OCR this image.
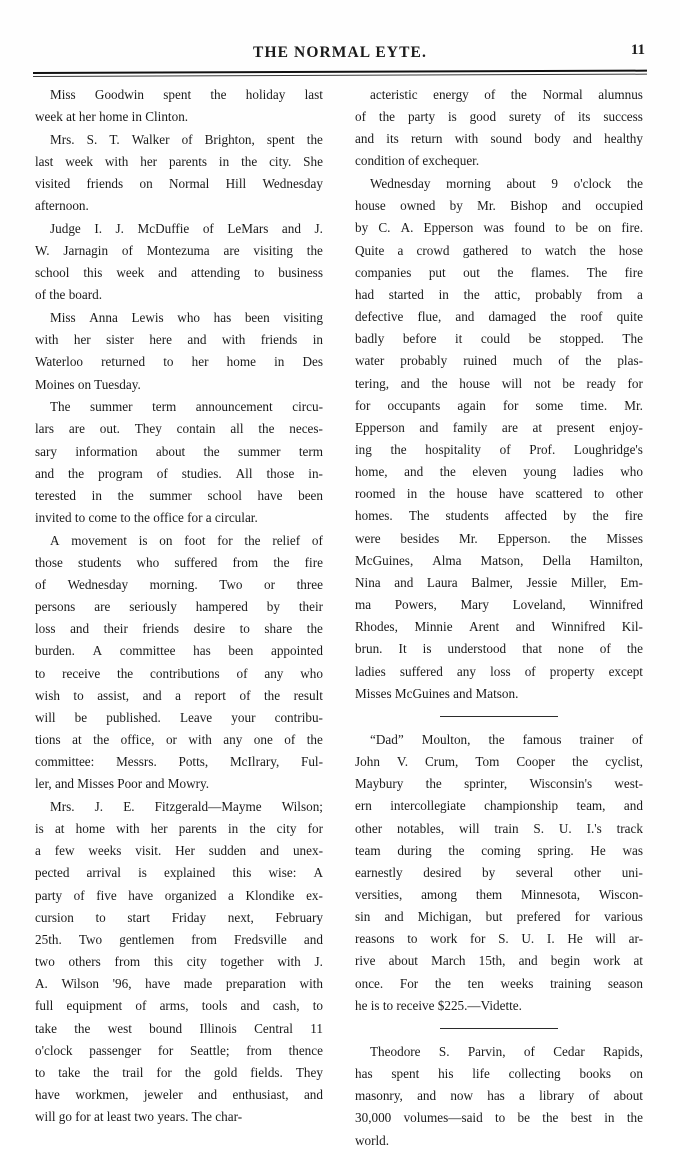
THE NORMAL EYTE.	11
Miss Goodwin spent the holiday last
week at her home in Clinton.
Mrs. S. T. Walker of Brighton, spent the
last week with her parents in the city. She
visited friends on Normal Hill Wednesday
afternoon.
Judge I. J. McDuffie of LeMars and J.
W. Jarnagin of Montezuma are visiting the
school this week and attending to business
of the board.
Miss Anna Lewis who has been visiting
with her sister here and with friends in
Waterloo returned to her home in Des
Moines on Tuesday.
The summer term announcement circu-
lars are out. They contain all the neces-
sary information about the summer term
and the program of studies. All those in-
terested in the summer school have been
invited to come to the office for a circular.
A movement is on foot for the relief of
those students who suffered from the fire
of Wednesday morning. Two or three
persons are seriously hampered by their
loss and their friends desire to share the
burden. A committee has been appointed
to receive the contributions of any who
wish to assist, and a report of the result
will be published. Leave your contribu-
tions at the office, or with any one of the
committee: Messrs. Potts, McIlrary, Ful-
ler, and Misses Poor and Mowry.
Mrs. J. E. Fitzgerald—Mayme Wilson;
is at home with her parents in the city for
a few weeks visit. Her sudden and unex-
pected arrival is explained this wise: A
party of five have organized a Klondike ex-
cursion to start Friday next, February
25th. Two gentlemen from Fredsville and
two others from this city together with J.
A. Wilson '96, have made preparation with
full equipment of arms, tools and cash, to
take the west bound Illinois Central 11
o'clock passenger for Seattle; from thence
to take the trail for the gold fields. They
have workmen, jeweler and enthusiast, and
will go for at least two years. The char-
acteristic energy of the Normal alumnus
of the party is good surety of its success
and its return with sound body and healthy
condition of exchequer.
Wednesday morning about 9 o'clock the
house owned by Mr. Bishop and occupied
by C. A. Epperson was found to be on fire.
Quite a crowd gathered to watch the hose
companies put out the flames. The fire
had started in the attic, probably from a
defective flue, and damaged the roof quite
badly before it could be stopped. The
water probably ruined much of the plas-
tering, and the house will not be ready for
for occupants again for some time. Mr.
Epperson and family are at present enjoy-
ing the hospitality of Prof. Loughridge's
home, and the eleven young ladies who
roomed in the house have scattered to other
homes. The students affected by the fire
were besides Mr. Epperson. the Misses
McGuines, Alma Matson, Della Hamilton,
Nina and Laura Balmer, Jessie Miller, Em-
ma Powers, Mary Loveland, Winnifred
Rhodes, Minnie Arent and Winnifred Kil-
brun. It is understood that none of the
ladies suffered any loss of property except
Misses McGuines and Matson.
“Dad” Moulton, the famous trainer of
John V. Crum, Tom Cooper the cyclist,
Maybury the sprinter, Wisconsin's west-
ern intercollegiate championship team, and
other notables, will train S. U. I.'s track
team during the coming spring. He was
earnestly desired by several other uni-
versities, among them Minnesota, Wiscon-
sin and Michigan, but prefered for various
reasons to work for S. U. I. He will ar-
rive about March 15th, and begin work at
once. For the ten weeks training season
he is to receive $225.—Vidette.
Theodore S. Parvin, of Cedar Rapids,
has spent his life collecting books on
masonry, and now has a library of about
30,000 volumes—said to be the best in the
world.
